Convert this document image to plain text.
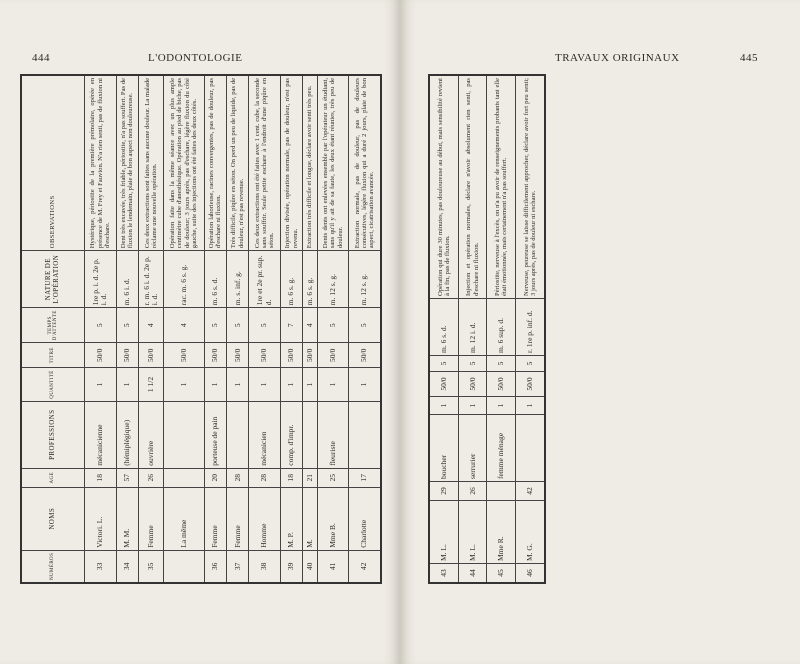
444	L'ODONTOLOGIE
NUMÉROS	NOMS	AGE	PROFESSIONS	QUANTITÉ	TITRE	TEMPS D'ATTENTE	NATURE DE L'OPÉRATION	OBSERVATIONS
33	Victori. L.	18	mécanicienne	1	50/0	5	1re p. i. d. 2e p. i. d.	Hystérique, périostite de la première prémolaire, opérée en présence de M. Frey et Fauvion. N'a rien senti, pas de fluxion ni d'eschare.
34	M. M.	57	(hémiplégique)	1	50/0	5	m. 6 i. d.	Dent très excavée, très friable, périostite, n'a pas souffert. Pas de fluxion le lendemain, plaie de bon aspect non douloureuse.
35	Femme	26	ouvrière	1 1/2	50/0	4	r. m. 6 i. d. 2e p. i. d.	Ces deux extractions sont faites sans aucune douleur. La malade réclame une nouvelle opération.
	La même			1	50/0	4	rac. m. 6 s. g.	Opération faite dans la même séance avec un plus ample centimètre cube d'anesthésique. Opération au pied de biche, pas de douleur; 3 jours après, pas d'eschare, légère fluxion du côté gauche, suite des injections ont été faites des deux côtés.
36	Femme	20	porteuse de pain	1	50/0	5	m. 6 s. d.	Opération laborieuse, racines convergentes, pas de douleur, pas d'eschare ni fluxion.
37	Femme	28		1	50/0	5	m. s. inf. g.	Très difficile, piqûre en séton. On perd un peu de liquide, pas de douleur, n'est pas revenue.
38	Homme	28	mécanicien	1	50/0	5	1re et 2e pr. sup. d.	Ces deux extractions ont été faites avec 1 cent. cube, la seconde sans souffrir. Seule petite eschare à l'endroit d'une piqûre en séton.
39	M. P.	18	comp. d'impr.	1	50/0	7	m. 6 s. g.	Injection divisée, opération normale, pas de douleur, n'est pas revenu.
40	M.	21		1	50/0	4	m. 6 s. g.	Extraction très difficile et longue, déclare avoir senti très peu.
41	Mme B.	25	fleuriste	1	50/0	5	m. 12 s. g.	Dents dents ont enlevées ensemble par l'opérateur un étudiant, sans qu'il y ait de sa faute, les deux étant réunies, très peu de douleur.
42	Charlotte	17		1	50/0	5	m. 12 s. g.	Extraction normale, pas de douleur, pas de douleurs consécutives, légère fluxion qui a duré 2 jours, plaie de bon aspect, cicatrisation avancée.
TRAVAUX ORIGINAUX	445
43	M. L.	29	boucher	1	50/0	5	m. 6 s. d.	Opération qui dure 30 minutes, pas douloureuse au début, mais sensibilité revient à la fin, pas de fluxion.
44	M. L.	26	serrurier	1	50/0	5	m. 12 i. d.	Injection et opération normales, déclare n'avoir absolument rien senti, pas d'eschare ni fluxion.
45	Mme R.		femme ménage	1	50/0	5	m. 6 sup. d.	Périostite, nerveuse à l'excès, on n'a pu avoir de renseignements probants tant elle était émotionnée, mais certainement n'a pas souffert.
46	M. G.	42		1	50/0	5	r. 1re p. inf. d.	Nerveuse, peureuse se laisse difficilement approcher, déclare avoir fort peu senti; 3 jours après, pas de douleur ni eschare.
